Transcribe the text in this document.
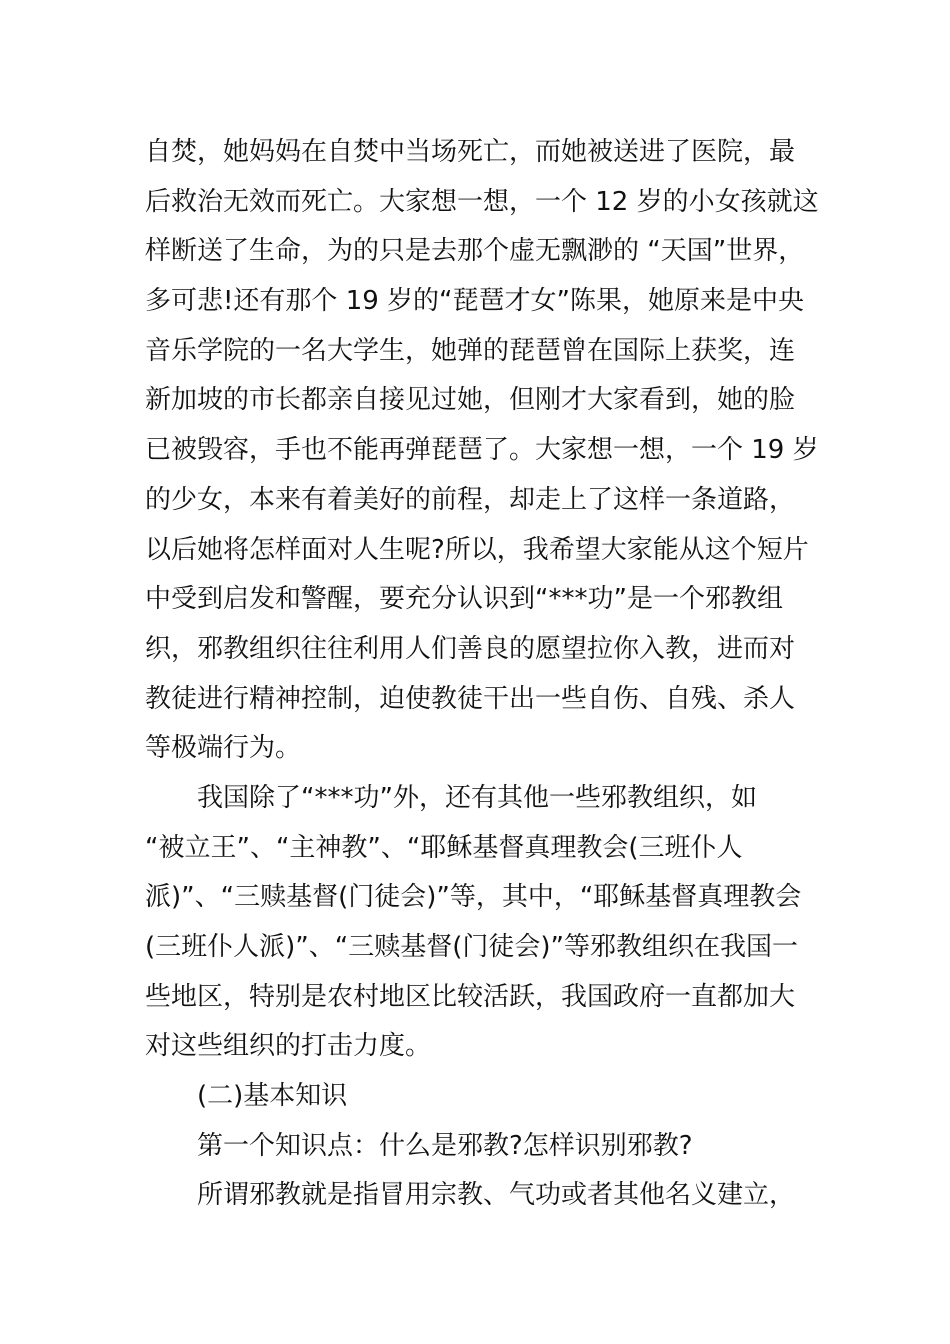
自焚，她妈妈在自焚中当场死亡，而她被送进了医院，最
后救治无效而死亡。大家想一想，一个 12 岁的小女孩就这
样断送了生命，为的只是去那个虚无飘渺的 “天国”世界，
多可悲!还有那个 19 岁的“琵琶才女”陈果，她原来是中央
音乐学院的一名大学生，她弹的琵琶曾在国际上获奖，连
新加坡的市长都亲自接见过她，但刚才大家看到，她的脸
已被毁容，手也不能再弹琵琶了。大家想一想，一个 19 岁
的少女，本来有着美好的前程，却走上了这样一条道路，
以后她将怎样面对人生呢?所以，我希望大家能从这个短片
中受到启发和警醒，要充分认识到“***功”是一个邪教组
织，邪教组织往往利用人们善良的愿望拉你入教，进而对
教徒进行精神控制，迫使教徒干出一些自伤、自残、杀人
等极端行为。
我国除了“***功”外，还有其他一些邪教组织，如
“被立王”、“主神教”、“耶稣基督真理教会(三班仆人
派)”、“三赎基督(门徒会)”等，其中，“耶稣基督真理教会
(三班仆人派)”、“三赎基督(门徒会)”等邪教组织在我国一
些地区，特别是农村地区比较活跃，我国政府一直都加大
对这些组织的打击力度。
(二)基本知识
第一个知识点：什么是邪教?怎样识别邪教?
所谓邪教就是指冒用宗教、气功或者其他名义建立，
